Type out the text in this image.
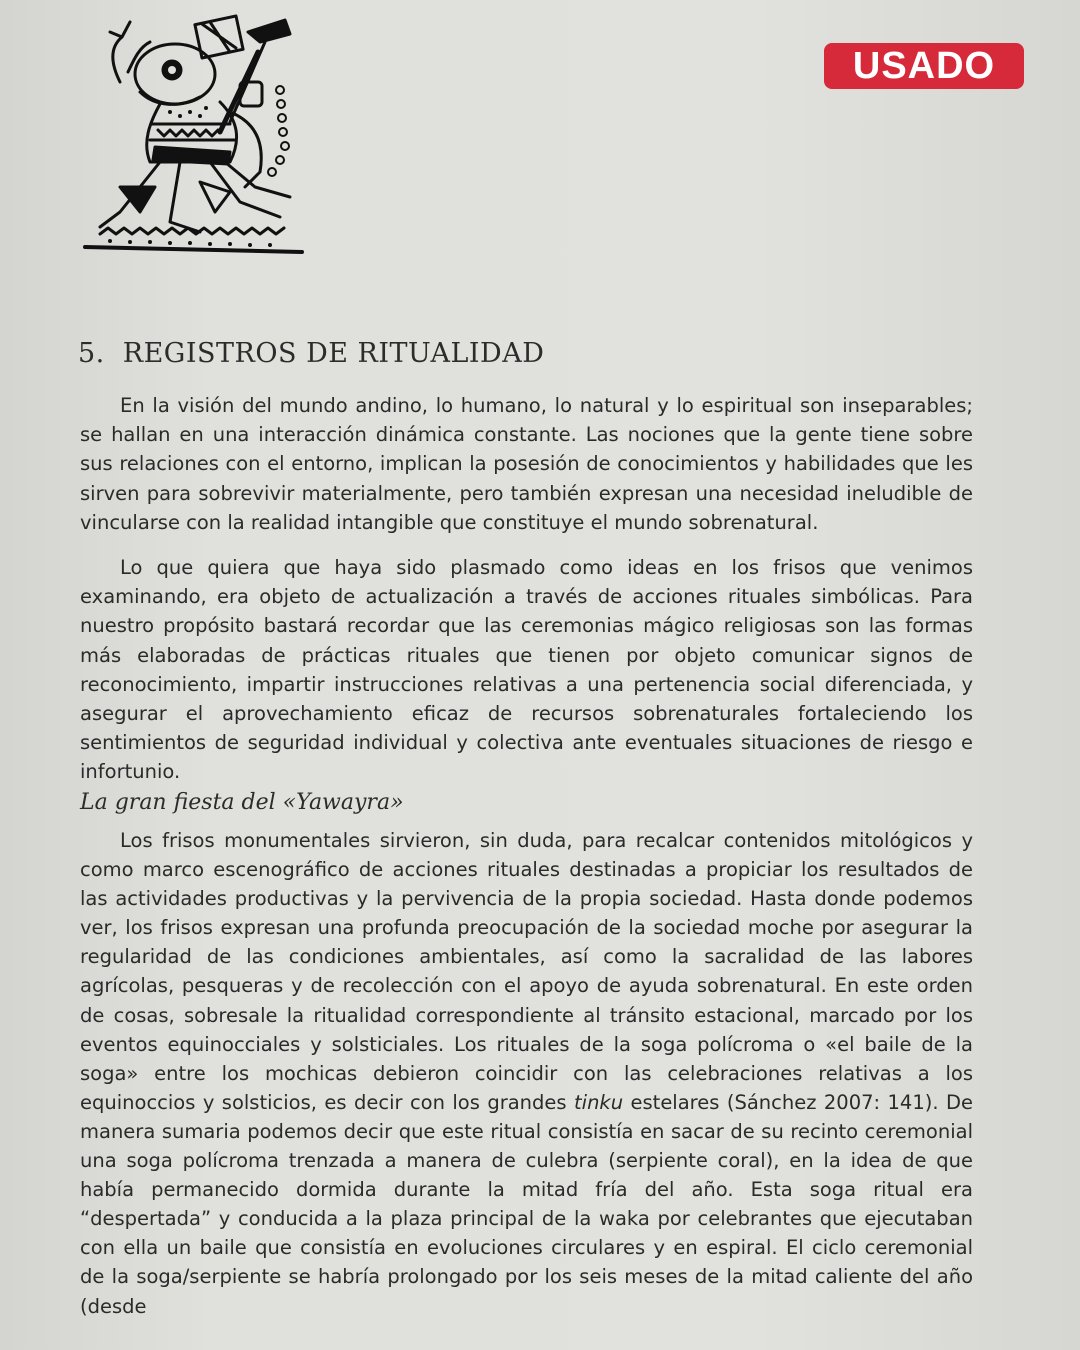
USADO
5. REGISTROS DE RITUALIDAD

En la visión del mundo andino, lo humano, lo natural y lo espiritual son inseparables; se hallan en una interacción dinámica constante. Las nociones que la gente tiene sobre sus relaciones con el entorno, implican la posesión de conocimientos y habilidades que les sirven para sobrevivir materialmente, pero también expresan una necesidad ineludible de vincularse con la realidad intangible que constituye el mundo sobrenatural.

Lo que quiera que haya sido plasmado como ideas en los frisos que venimos examinando, era objeto de actualización a través de acciones rituales simbólicas. Para nuestro propósito bastará recordar que las ceremonias mágico religiosas son las formas más elaboradas de prácticas rituales que tienen por objeto comunicar signos de reconocimiento, impartir instrucciones relativas a una pertenencia social diferenciada, y asegurar el aprovechamiento eficaz de recursos sobrenaturales fortaleciendo los sentimientos de seguridad individual y colectiva ante eventuales situaciones de riesgo e infortunio.

La gran fiesta del «Yawayra»

Los frisos monumentales sirvieron, sin duda, para recalcar contenidos mitológicos y como marco escenográfico de acciones rituales destinadas a propiciar los resultados de las actividades productivas y la pervivencia de la propia sociedad. Hasta donde podemos ver, los frisos expresan una profunda preocupación de la sociedad moche por asegurar la regularidad de las condiciones ambientales, así como la sacralidad de las labores agrícolas, pesqueras y de recolección con el apoyo de ayuda sobrenatural. En este orden de cosas, sobresale la ritualidad correspondiente al tránsito estacional, marcado por los eventos equinocciales y solsticiales. Los rituales de la soga polícroma o «el baile de la soga» entre los mochicas debieron coincidir con las celebraciones relativas a los equinoccios y solsticios, es decir con los grandes tinku estelares (Sánchez 2007: 141). De manera sumaria podemos decir que este ritual consistía en sacar de su recinto ceremonial una soga polícroma trenzada a manera de culebra (serpiente coral), en la idea de que había permanecido dormida durante la mitad fría del año. Esta soga ritual era “despertada” y conducida a la plaza principal de la waka por celebrantes que ejecutaban con ella un baile que consistía en evoluciones circulares y en espiral. El ciclo ceremonial de la soga/serpiente se habría prolongado por los seis meses de la mitad caliente del año (desde
